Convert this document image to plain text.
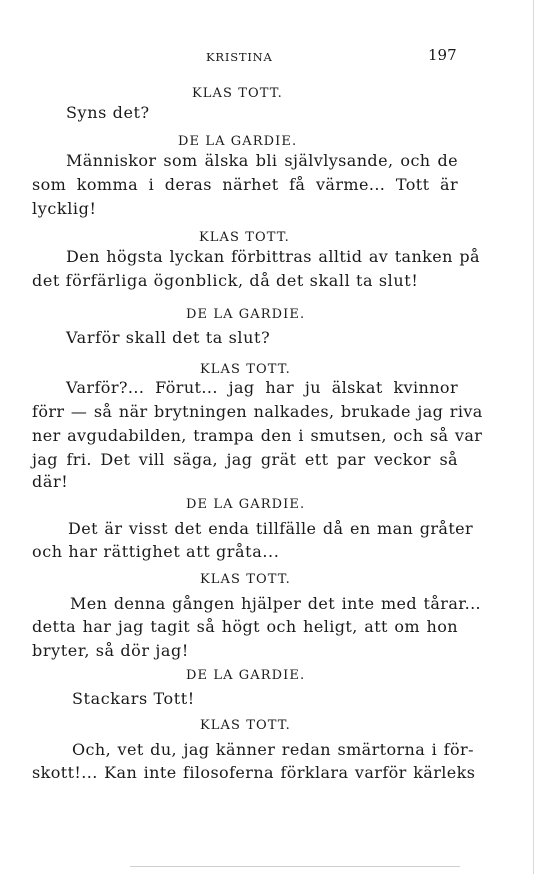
KRISTINA	197
KLAS TOTT.
Syns det?
DE LA GARDIE.
Människor som älska bli självlysande, och de
som komma i deras närhet få värme... Tott är
lycklig!
KLAS TOTT.
Den högsta lyckan förbittras alltid av tanken på
det förfärliga ögonblick, då det skall ta slut!
DE LA GARDIE.
Varför skall det ta slut?
KLAS TOTT.
Varför?... Förut... jag har ju älskat kvinnor
förr — så när brytningen nalkades, brukade jag riva
ner avgudabilden, trampa den i smutsen, och så var
jag fri. Det vill säga, jag grät ett par veckor så
där!
DE LA GARDIE.
Det är visst det enda tillfälle då en man gråter
och har rättighet att gråta...
KLAS TOTT.
Men denna gången hjälper det inte med tårar...
detta har jag tagit så högt och heligt, att om hon
bryter, så dör jag!
DE LA GARDIE.
Stackars Tott!
KLAS TOTT.
Och, vet du, jag känner redan smärtorna i för-
skott!... Kan inte filosoferna förklara varför kärleks
